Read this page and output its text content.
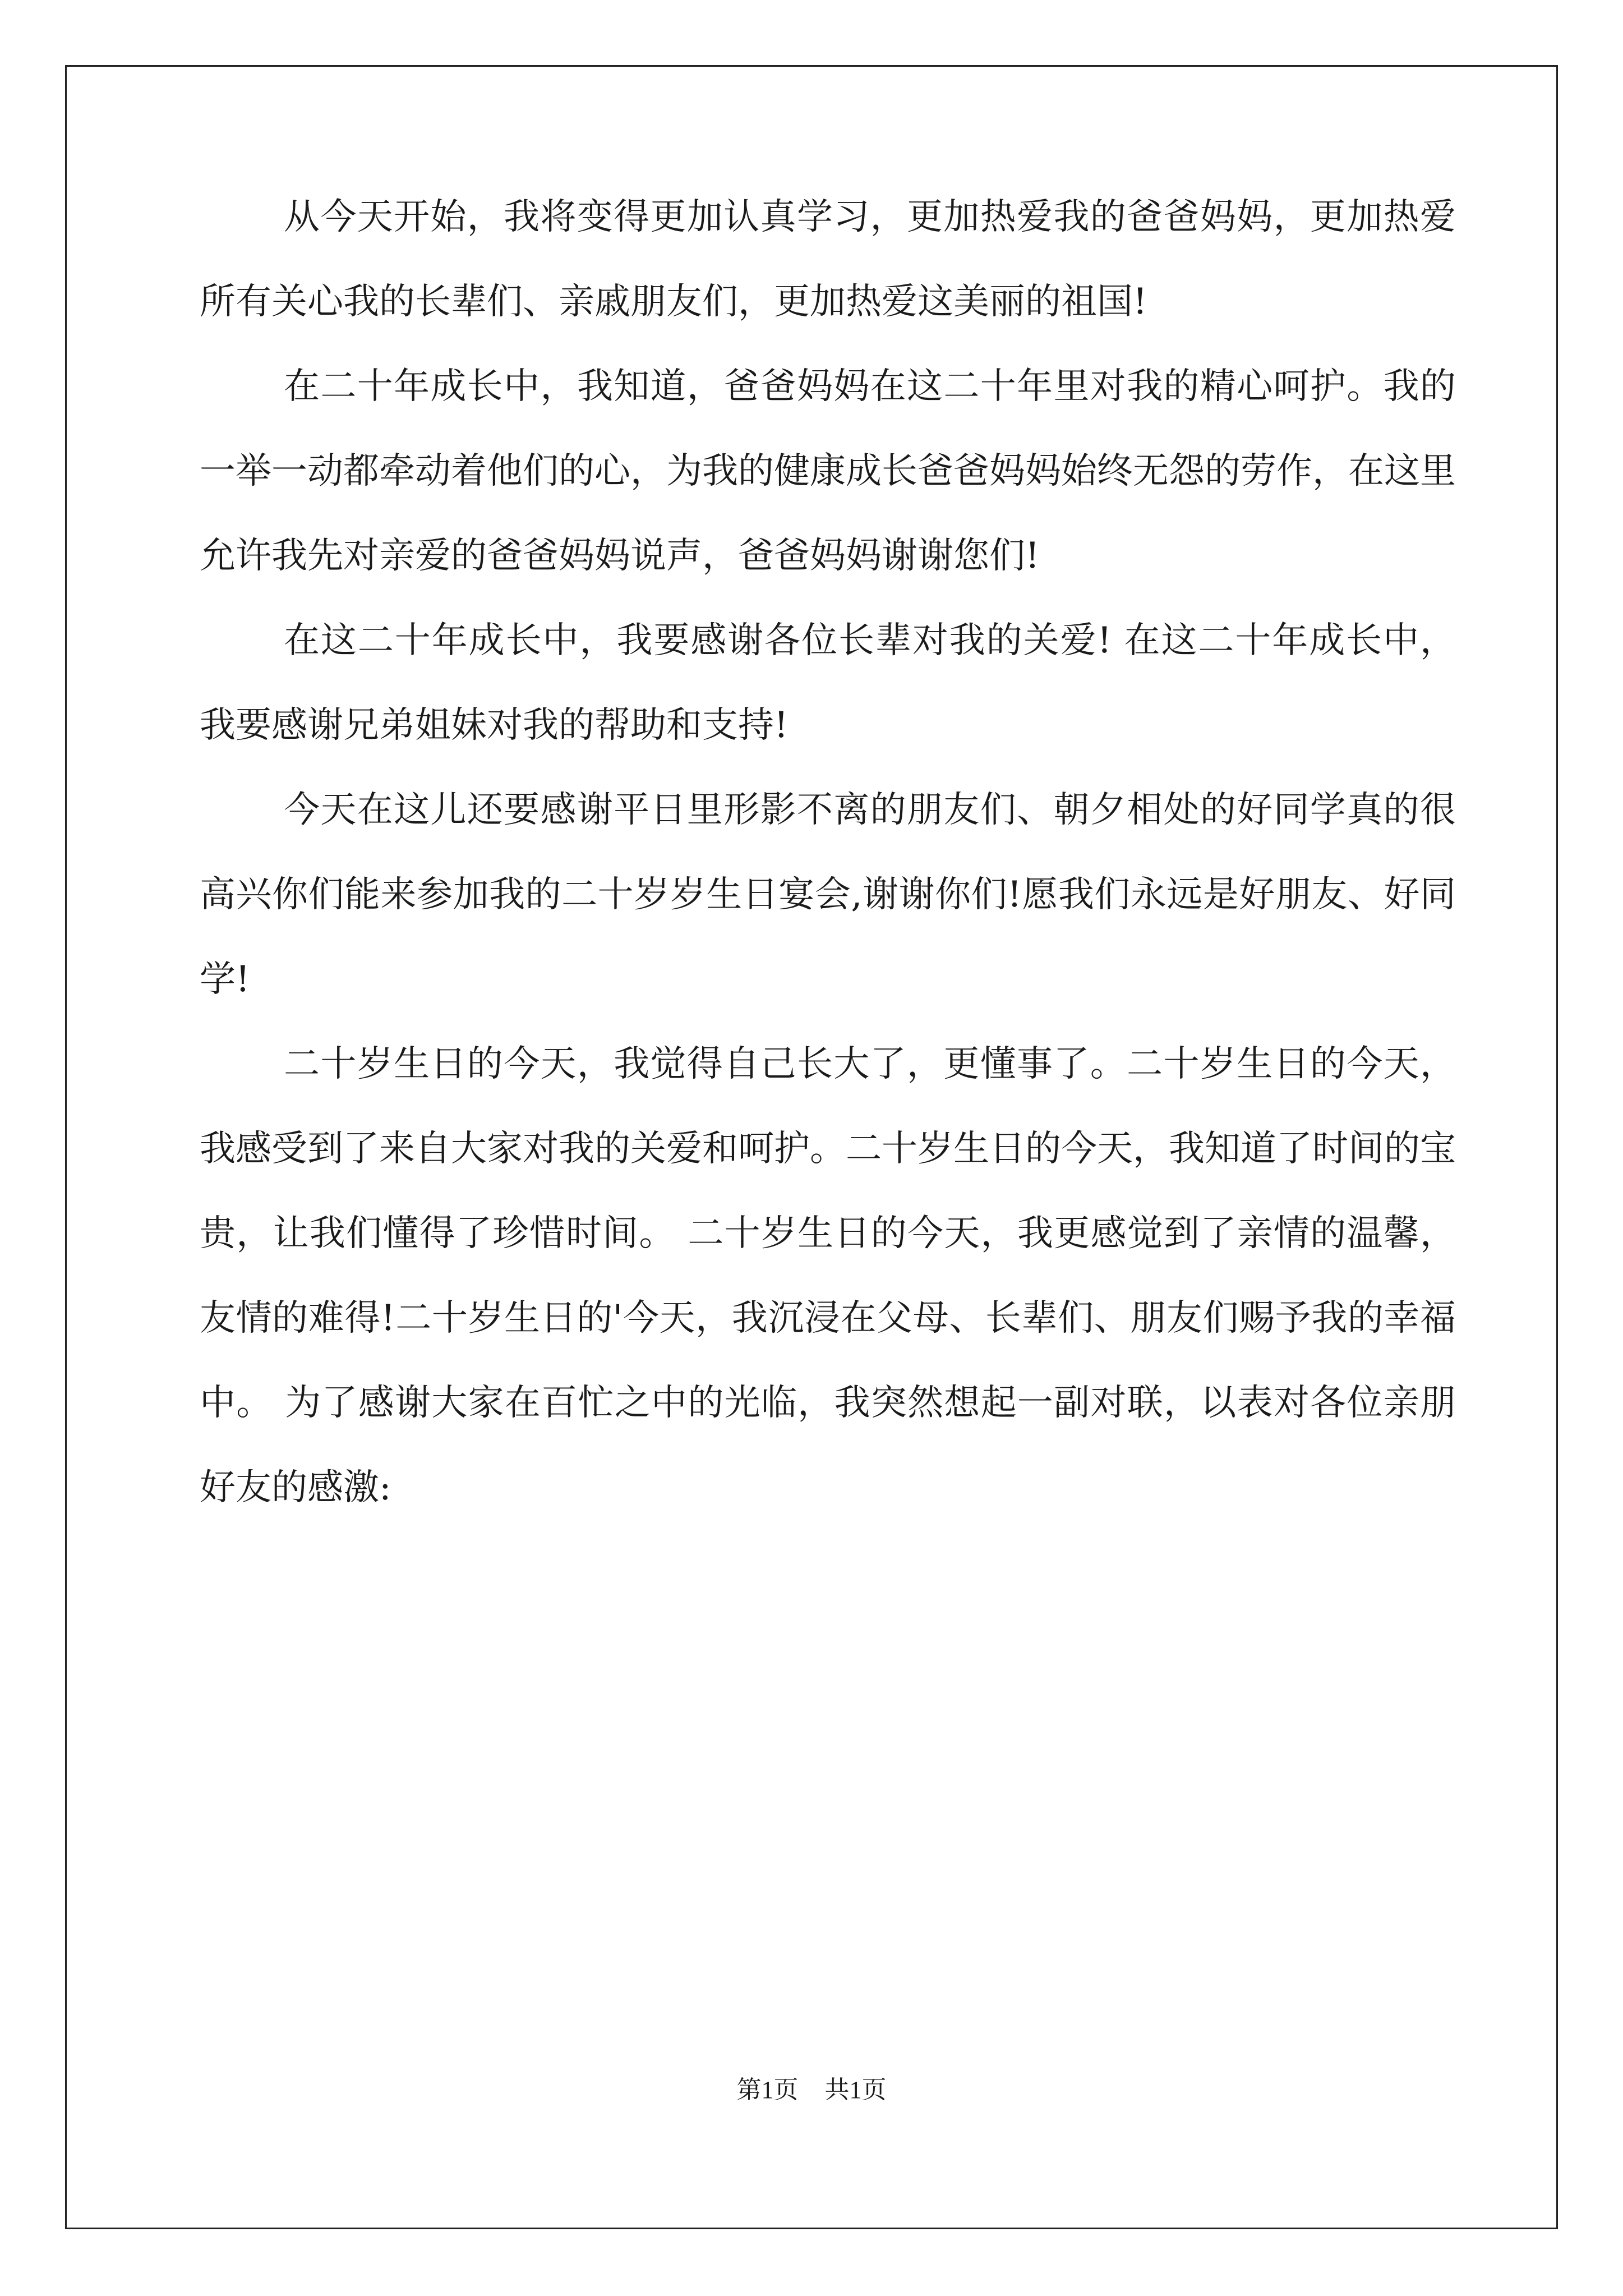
从今天开始，我将变得更加认真学习，更加热爱我的爸爸妈妈，更加热爱所有关心我的长辈们、亲戚朋友们，更加热爱这美丽的祖国!

在二十年成长中，我知道，爸爸妈妈在这二十年里对我的精心呵护。我的一举一动都牵动着他们的心，为我的健康成长爸爸妈妈始终无怨的劳作，在这里允许我先对亲爱的爸爸妈妈说声，爸爸妈妈谢谢您们!

在这二十年成长中，我要感谢各位长辈对我的关爱! 在这二十年成长中，我要感谢兄弟姐妹对我的帮助和支持!

今天在这儿还要感谢平日里形影不离的朋友们、朝夕相处的好同学真的很高兴你们能来参加我的二十岁岁生日宴会,谢谢你们!愿我们永远是好朋友、好同学!

二十岁生日的今天，我觉得自己长大了，更懂事了。二十岁生日的今天，我感受到了来自大家对我的关爱和呵护。二十岁生日的今天，我知道了时间的宝贵，让我们懂得了珍惜时间。 二十岁生日的今天，我更感觉到了亲情的温馨，友情的难得!二十岁生日的'今天，我沉浸在父母、长辈们、朋友们赐予我的幸福中。 为了感谢大家在百忙之中的光临，我突然想起一副对联，以表对各位亲朋好友的感激:

第1页 共1页
